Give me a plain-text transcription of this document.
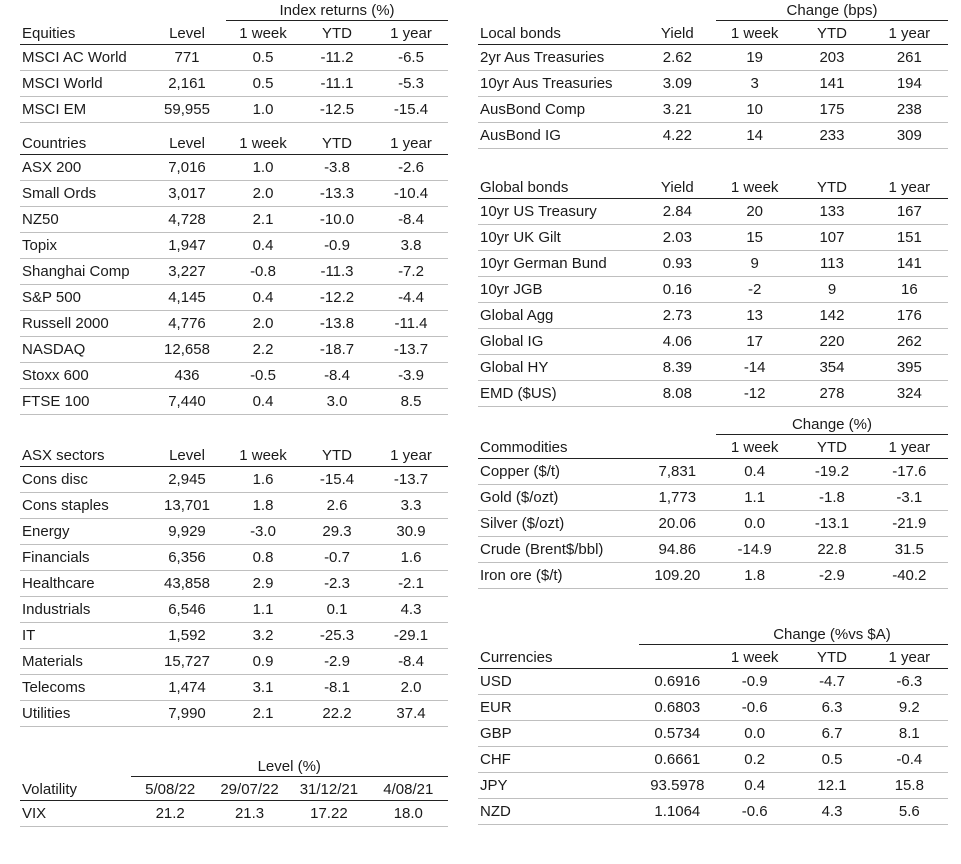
		Index returns (%)		
Equities	Level	1 week	YTD	1 year
MSCI AC World	771	0.5	-11.2	-6.5
MSCI World	2,161	0.5	-11.1	-5.3
MSCI EM	59,955	1.0	-12.5	-15.4
Countries	Level	1 week	YTD	1 year
ASX 200	7,016	1.0	-3.8	-2.6
Small Ords	3,017	2.0	-13.3	-10.4
NZ50	4,728	2.1	-10.0	-8.4
Topix	1,947	0.4	-0.9	3.8
Shanghai Comp	3,227	-0.8	-11.3	-7.2
S&P 500	4,145	0.4	-12.2	-4.4
Russell 2000	4,776	2.0	-13.8	-11.4
NASDAQ	12,658	2.2	-18.7	-13.7
Stoxx 600	436	-0.5	-8.4	-3.9
FTSE 100	7,440	0.4	3.0	8.5
ASX sectors	Level	1 week	YTD	1 year
Cons disc	2,945	1.6	-15.4	-13.7
Cons staples	13,701	1.8	2.6	3.3
Energy	9,929	-3.0	29.3	30.9
Financials	6,356	0.8	-0.7	1.6
Healthcare	43,858	2.9	-2.3	-2.1
Industrials	6,546	1.1	0.1	4.3
IT	1,592	3.2	-25.3	-29.1
Materials	15,727	0.9	-2.9	-8.4
Telecoms	1,474	3.1	-8.1	2.0
Utilities	7,990	2.1	22.2	37.4
	Level (%)			
Volatility	5/08/22	29/07/22	31/12/21	4/08/21
VIX	21.2	21.3	17.22	18.0
		Change (bps)		
Local bonds	Yield	1 week	YTD	1 year
2yr Aus Treasuries	2.62	19	203	261
10yr Aus Treasuries	3.09	3	141	194
AusBond Comp	3.21	10	175	238
AusBond IG	4.22	14	233	309
Global bonds	Yield	1 week	YTD	1 year
10yr US Treasury	2.84	20	133	167
10yr UK Gilt	2.03	15	107	151
10yr German Bund	0.93	9	113	141
10yr JGB	0.16	-2	9	16
Global Agg	2.73	13	142	176
Global IG	4.06	17	220	262
Global HY	8.39	-14	354	395
EMD ($US)	8.08	-12	278	324
		Change (%)		
Commodities		1 week	YTD	1 year
Copper ($/t)	7,831	0.4	-19.2	-17.6
Gold ($/ozt)	1,773	1.1	-1.8	-3.1
Silver ($/ozt)	20.06	0.0	-13.1	-21.9
Crude (Brent$/bbl)	94.86	-14.9	22.8	31.5
Iron ore ($/t)	109.20	1.8	-2.9	-40.2
		Change (%vs $A)		
Currencies		1 week	YTD	1 year
USD	0.6916	-0.9	-4.7	-6.3
EUR	0.6803	-0.6	6.3	9.2
GBP	0.5734	0.0	6.7	8.1
CHF	0.6661	0.2	0.5	-0.4
JPY	93.5978	0.4	12.1	15.8
NZD	1.1064	-0.6	4.3	5.6
